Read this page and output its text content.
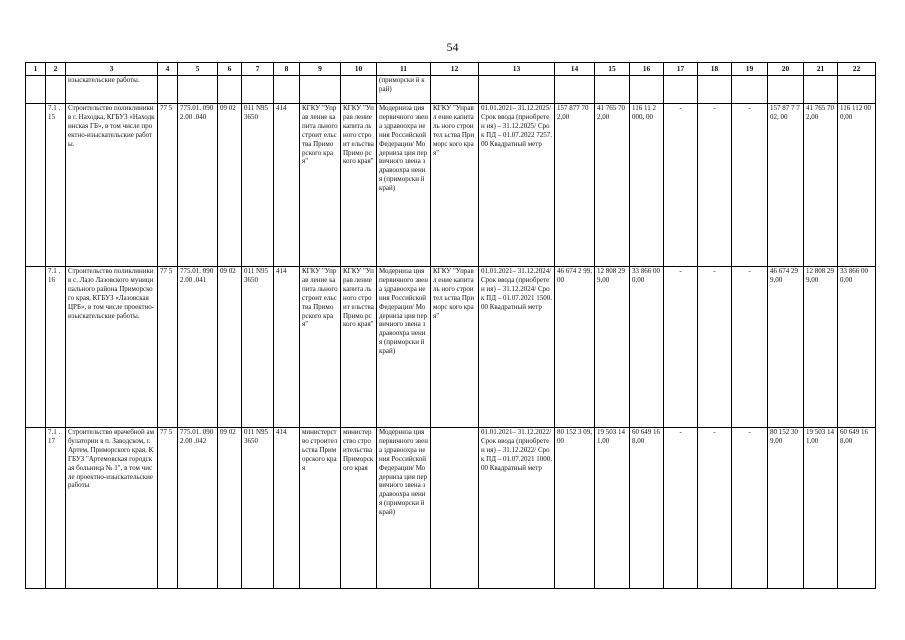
54
1	2	3	4	5	6	7	8	9	10	11	12	13	14	15	16	17	18	19	20	21	22
		изыскательские работы.								(приморски й край)											
	7.1 .15	Строительство поликлиники в г. Находка, КГБУЗ «Находкинская ГБ», в том числе проектно-изыскательские работы.	77 5	775.01. 0902.00 .040	09 02	011 N95 3650	414	КГКУ "Управ ление капита льного строит ельства Примо рского края"	КГКУ "Управ ление капита льного строит ельства Примо рского края"	Модерниза ция первичного звена здравоохра нения Российской Федерации/ Модерниза ция первичного звена здравоохра нения (приморски й край)	КГКУ "Управл ение капиталь ного строител ьства Приморс кого края"	01.01.2021– 31.12.2025/ Срок ввода (приобретен ия) – 31.12.2025/ Срок ПД – 01.07.2022 7257.00 Квадратный метр	157 877 702,00	41 765 702,00	116 11 2 000, 00	-	-	-	157 87 7 702, 00	41 765 702,00	116 112 000,00
	7.1 .16	Строительство поликлиники в с. Лазо Лазовского муниципального района Приморского края, КГБУЗ «Лазовская ЦРБ», в том числе проектно-изыскательские работы.	77 5	775.01. 0902.00 .041	09 02	011 N95 3650	414	КГКУ "Управ ление капита льного строит ельства Примо рского края"	КГКУ "Управ ление капита льного строит ельства Примо рского края"	Модерниза ция первичного звена здравоохра нения Российской Федерации/ Модерниза ция первичного звена здравоохра нения (приморски й край)	КГКУ "Управл ение капиталь ного строител ьства Приморс кого края"	01.01.2021– 31.12.2024/ Срок ввода (приобретен ия) – 31.12.2024/ Срок ПД – 01.07.2021 1500.00 Квадратный метр	46 674 2 99,00	12 808 299,00	33 866 000,00	-	-	-	46 674 299,00	12 808 299,00	33 866 000,00
	7.1 .17	Строительство врачебной амбулатории в п. Заводском, г. Артем, Приморского края, КГБУЗ "Артемовская городская больница № 1", в том числе проектно-изыскательские работы	77 5	775.01. 0902.00 .042	09 02	011 N95 3650	414	министерство строительства Приморского края	министерство строительства Приморского края	Модерниза ция первичного звена здравоохра нения Российской Федерации/ Модерниза ция первичного звена здравоохра нения (приморски й край)		01.01.2021– 31.12.2022/ Срок ввода (приобретен ия) – 31.12.2022/ Срок ПД – 01.07.2021 1000.00 Квадратный метр	80 152 3 09,00	19 503 141,00	60 649 168,00	-	-	-	80 152 309,00	19 503 141,00	60 649 168,00
